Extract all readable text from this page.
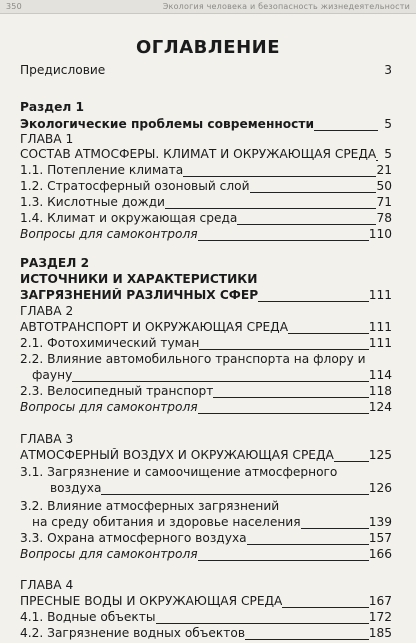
350	Экология человека и безопасность жизнедеятельности
ОГЛАВЛЕНИЕ
Предисловие	3
Раздел 1
Экологические проблемы современности	5
ГЛАВА 1
СОСТАВ АТМОСФЕРЫ. КЛИМАТ И ОКРУЖАЮЩАЯ СРЕДА 5
1.1. Потепление климата	21
1.2. Стратосферный озоновый слой	50
1.3. Кислотные дожди	71
1.4. Климат и окружающая среда	78
Вопросы для самоконтроля	110
РАЗДЕЛ 2
ИСТОЧНИКИ И ХАРАКТЕРИСТИКИ
ЗАГРЯЗНЕНИЙ РАЗЛИЧНЫХ СФЕР	111
ГЛАВА 2
АВТОТРАНСПОРТ И ОКРУЖАЮЩАЯ СРЕДА	111
2.1. Фотохимический туман	111
2.2. Влияние автомобильного транспорта на флору и
фауну	114
2.3. Велосипедный транспорт	118
Вопросы для самоконтроля	124
ГЛАВА 3
АТМОСФЕРНЫЙ ВОЗДУХ И ОКРУЖАЮЩАЯ СРЕДА	125
3.1. Загрязнение и самоочищение атмосферного
воздуха	126
3.2. Влияние атмосферных загрязнений
на среду обитания и здоровье населения	139
3.3. Охрана атмосферного воздуха	157
Вопросы для самоконтроля	166
ГЛАВА 4
ПРЕСНЫЕ ВОДЫ И ОКРУЖАЮЩАЯ СРЕДА	167
4.1. Водные объекты	172
4.2. Загрязнение водных объектов	185
